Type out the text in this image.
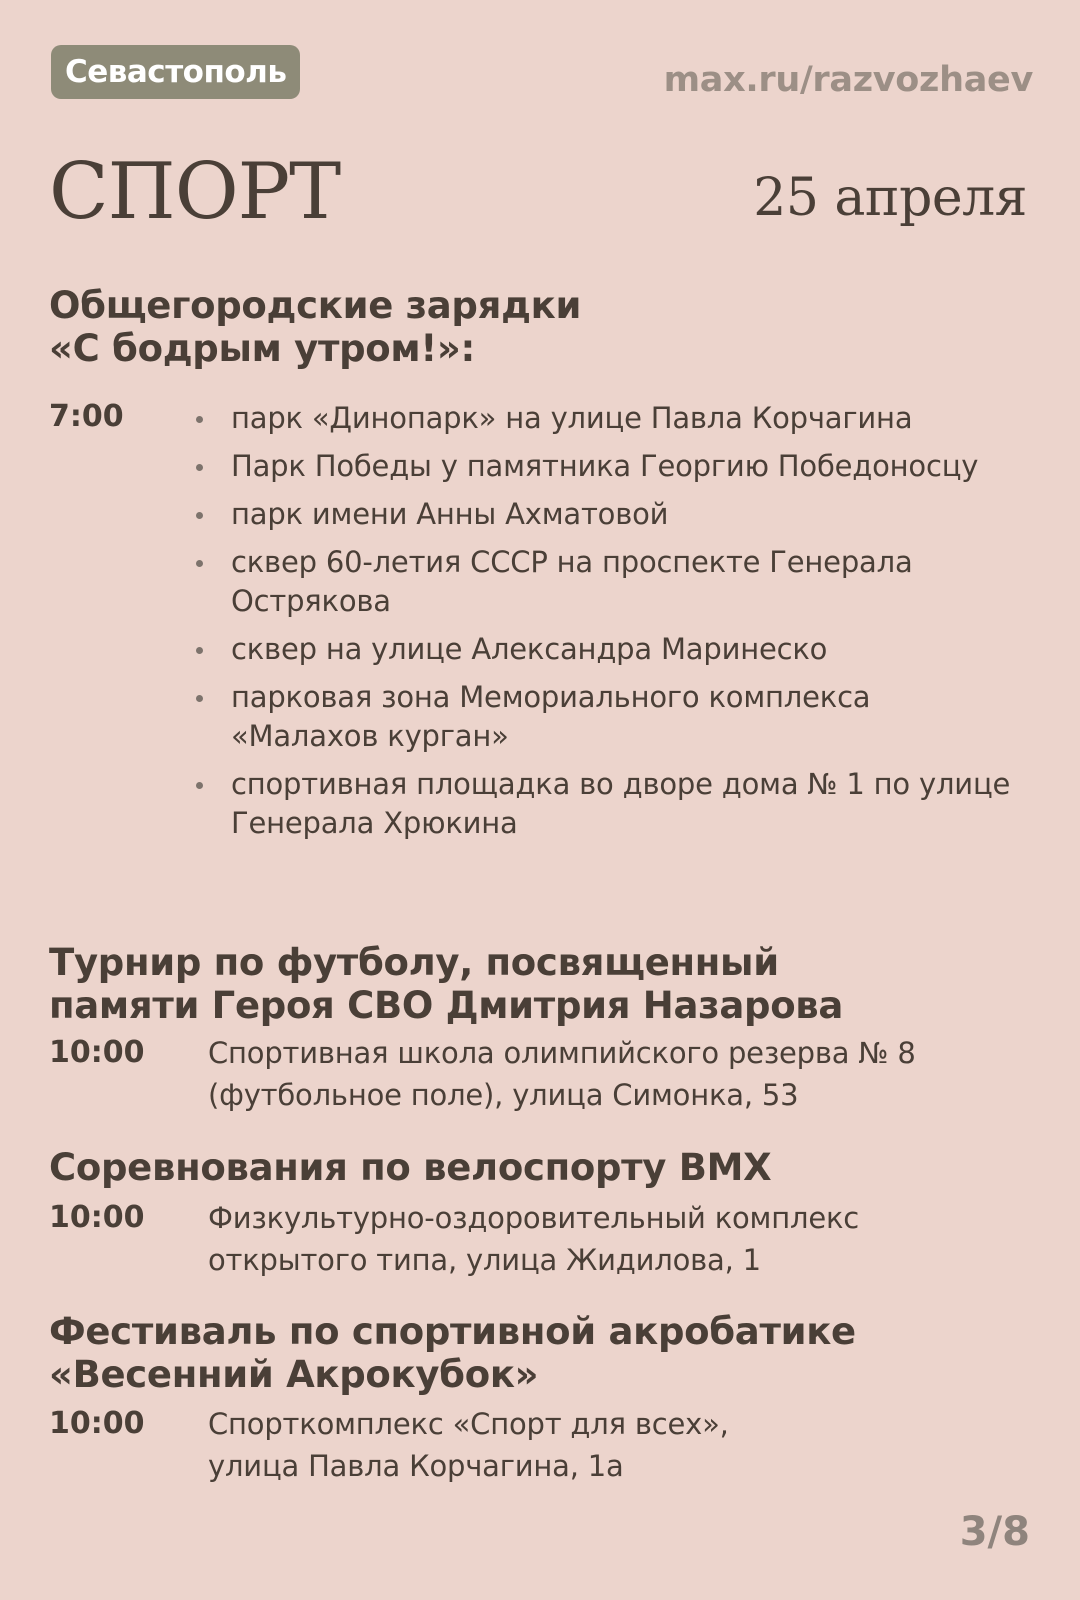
Севастополь	max.ru/razvozhaev
СПОРТ	25 апреля
Общегородские зарядки
«С бодрым утром!»:
7:00	парк «Динопарк» на улице Павла Корчагина
Парк Победы у памятника Георгию Победоносцу
парк имени Анны Ахматовой
сквер 60-летия СССР на проспекте Генерала Острякова
сквер на улице Александра Маринеско
парковая зона Мемориального комплекса «Малахов курган»
спортивная площадка во дворе дома № 1 по улице Генерала Хрюкина
Турнир по футболу, посвященный
памяти Героя СВО Дмитрия Назарова
10:00 Спортивная школа олимпийского резерва № 8
(футбольное поле), улица Симонка, 53
Соревнования по велоспорту BMX
10:00 Физкультурно-оздоровительный комплекс
открытого типа, улица Жидилова, 1
Фестиваль по спортивной акробатике
«Весенний Акрокубок»
10:00 Спорткомплекс «Спорт для всех»,
улица Павла Корчагина, 1а
3/8
